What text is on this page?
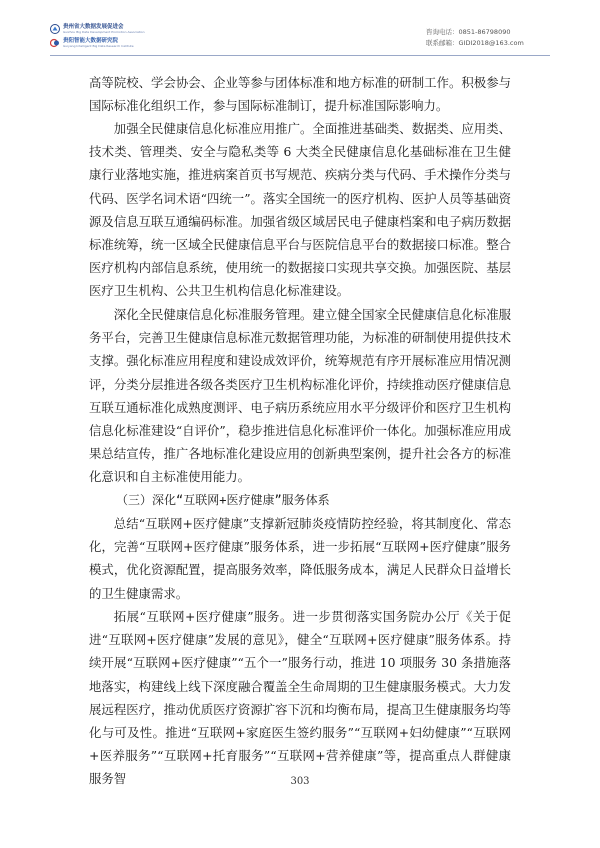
贵州省大数据发展促进会
Guizhou Big Data Development Promotion Association
贵阳智能大数据研究院
Guiyang Intelligent Big Data Research Institute
咨询电话： 0851-86798090
联系邮箱： GIDI2018@163.com

高等院校、学会协会、企业等参与团体标准和地方标准的研制工作。积极参与国际标准化组织工作，参与国际标准制订，提升标准国际影响力。

加强全民健康信息化标准应用推广。全面推进基础类、数据类、应用类、技术类、管理类、安全与隐私类等 6 大类全民健康信息化基础标准在卫生健康行业落地实施，推进病案首页书写规范、疾病分类与代码、手术操作分类与代码、医学名词术语“四统一”。落实全国统一的医疗机构、医护人员等基础资源及信息互联互通编码标准。加强省级区域居民电子健康档案和电子病历数据标准统筹，统一区域全民健康信息平台与医院信息平台的数据接口标准。整合医疗机构内部信息系统，使用统一的数据接口实现共享交换。加强医院、基层医疗卫生机构、公共卫生机构信息化标准建设。

深化全民健康信息化标准服务管理。建立健全国家全民健康信息化标准服务平台，完善卫生健康信息标准元数据管理功能，为标准的研制使用提供技术支撑。强化标准应用程度和建设成效评价，统筹规范有序开展标准应用情况测评，分类分层推进各级各类医疗卫生机构标准化评价，持续推动医疗健康信息互联互通标准化成熟度测评、电子病历系统应用水平分级评价和医疗卫生机构信息化标准建设“自评价”，稳步推进信息化标准评价一体化。加强标准应用成果总结宣传，推广各地标准化建设应用的创新典型案例，提升社会各方的标准化意识和自主标准使用能力。

（三）深化“互联网+医疗健康”服务体系

总结“互联网+医疗健康”支撑新冠肺炎疫情防控经验，将其制度化、常态化，完善“互联网+医疗健康”服务体系，进一步拓展“互联网+医疗健康”服务模式，优化资源配置，提高服务效率，降低服务成本，满足人民群众日益增长的卫生健康需求。

拓展“互联网+医疗健康”服务。进一步贯彻落实国务院办公厅《关于促进“互联网+医疗健康”发展的意见》，健全“互联网+医疗健康”服务体系。持续开展“互联网+医疗健康”“五个一”服务行动，推进 10 项服务 30 条措施落地落实，构建线上线下深度融合覆盖全生命周期的卫生健康服务模式。大力发展远程医疗，推动优质医疗资源扩容下沉和均衡布局，提高卫生健康服务均等化与可及性。推进“互联网+家庭医生签约服务”“互联网+妇幼健康”“互联网+医养服务”“互联网+托育服务”“互联网+营养健康”等，提高重点人群健康服务智	303
